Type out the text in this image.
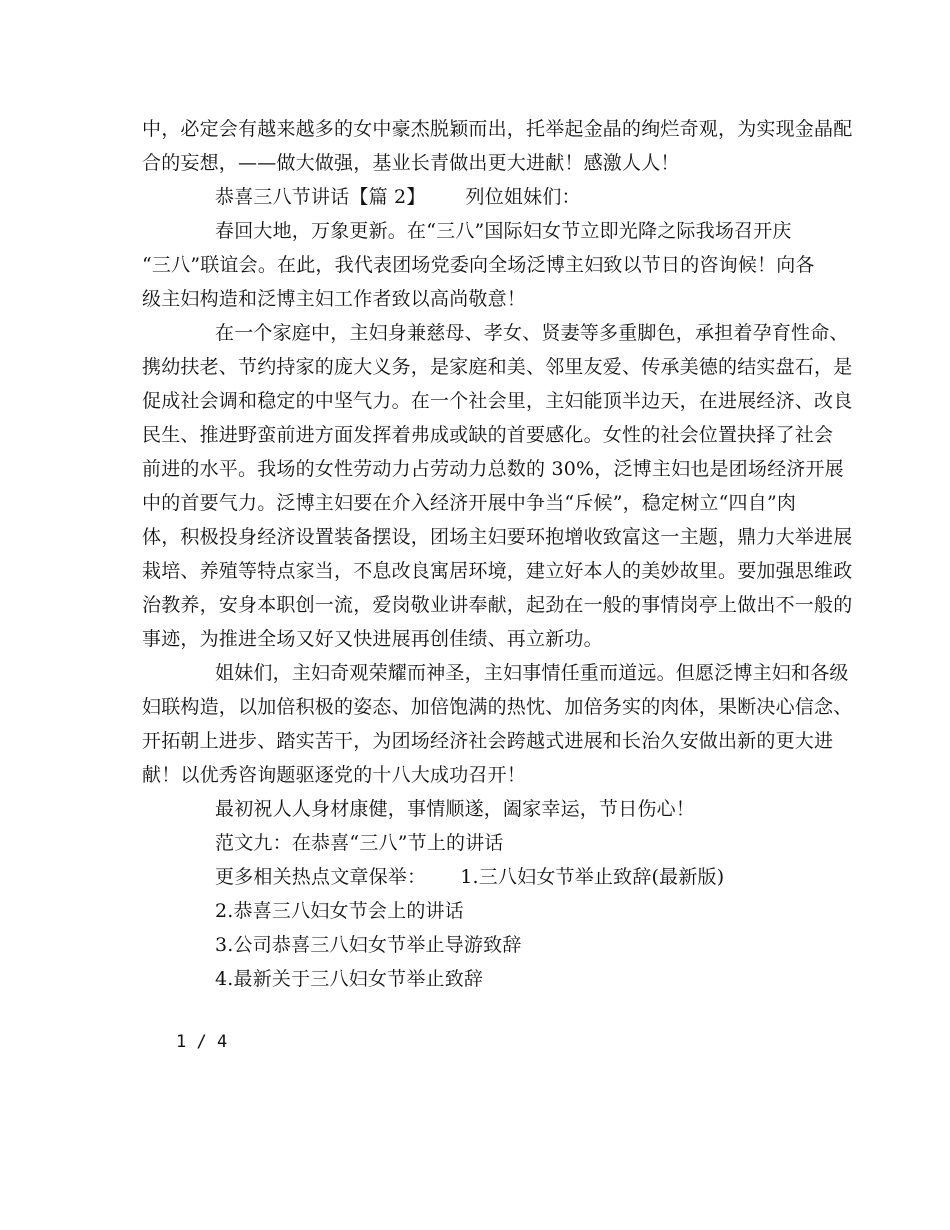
中，必定会有越来越多的女中豪杰脱颖而出，托举起金晶的绚烂奇观，为实现金晶配
合的妄想，——做大做强，基业长青做出更大进献！感激人人！
恭喜三八节讲话【篇 2】 列位姐妹们：
春回大地，万象更新。在“三八”国际妇女节立即光降之际我场召开庆
“三八”联谊会。在此，我代表团场党委向全场泛博主妇致以节日的咨询候！向各
级主妇构造和泛博主妇工作者致以高尚敬意！
在一个家庭中，主妇身兼慈母、孝女、贤妻等多重脚色，承担着孕育性命、
携幼扶老、节约持家的庞大义务，是家庭和美、邻里友爱、传承美德的结实盘石，是
促成社会调和稳定的中坚气力。在一个社会里，主妇能顶半边天，在进展经济、改良
民生、推进野蛮前进方面发挥着弗成或缺的首要感化。女性的社会位置抉择了社会
前进的水平。我场的女性劳动力占劳动力总数的 30%，泛博主妇也是团场经济开展
中的首要气力。泛博主妇要在介入经济开展中争当“斥候”，稳定树立“四自”肉
体，积极投身经济设置装备摆设，团场主妇要环抱增收致富这一主题，鼎力大举进展
栽培、养殖等特点家当，不息改良寓居环境，建立好本人的美妙故里。要加强思维政
治教养，安身本职创一流，爱岗敬业讲奉献，起劲在一般的事情岗亭上做出不一般的
事迹，为推进全场又好又快进展再创佳绩、再立新功。
姐妹们，主妇奇观荣耀而神圣，主妇事情任重而道远。但愿泛博主妇和各级
妇联构造，以加倍积极的姿态、加倍饱满的热忱、加倍务实的肉体，果断决心信念、
开拓朝上进步、踏实苦干，为团场经济社会跨越式进展和长治久安做出新的更大进
献！以优秀咨询题驱逐党的十八大成功召开！
最初祝人人身材康健，事情顺遂，阖家幸运，节日伤心！
范文九：在恭喜“三八”节上的讲话
更多相关热点文章保举： 1.三八妇女节举止致辞(最新版)
2.恭喜三八妇女节会上的讲话
3.公司恭喜三八妇女节举止导游致辞
4.最新关于三八妇女节举止致辞
1 / 4
